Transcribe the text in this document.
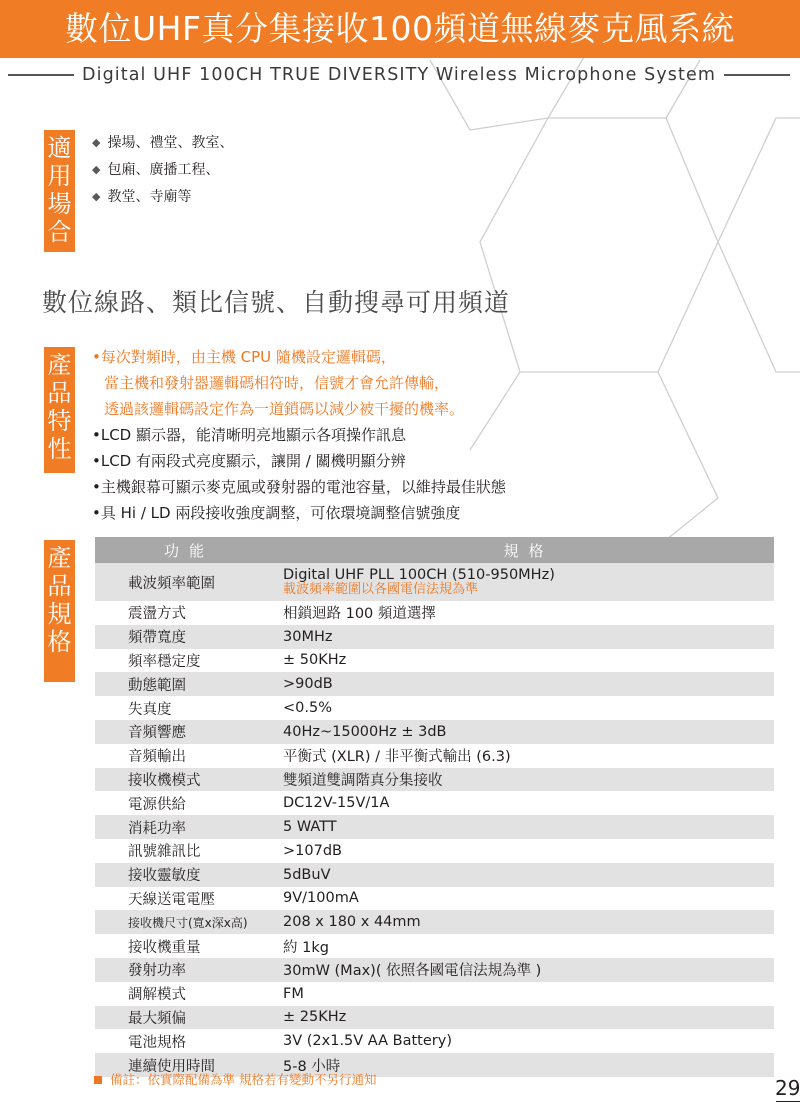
數位UHF真分集接收100頻道無線麥克風系統
Digital UHF 100CH TRUE DIVERSITY Wireless Microphone System
適
用
場
合
◆ 操場、禮堂、教室、
◆ 包廂、廣播工程、
◆ 教堂、寺廟等
數位線路、類比信號、自動搜尋可用頻道
產
品
特
性
•每次對頻時，由主機 CPU 隨機設定邏輯碼，
當主機和發射器邏輯碼相符時，信號才會允許傳輸，
透過該邏輯碼設定作為一道鎖碼以減少被干擾的機率。
•LCD 顯示器，能清晰明亮地顯示各項操作訊息
•LCD 有兩段式亮度顯示，讓開 / 關機明顯分辨
•主機銀幕可顯示麥克風或發射器的電池容量，以維持最佳狀態
•具 Hi / LD 兩段接收強度調整，可依環境調整信號強度
產
品
規
格
功能	規格
載波頻率範圍	Digital UHF PLL 100CH (510-950MHz)
載波頻率範圍以各國電信法規為準

震盪方式	相鎖迴路 100 頻道選擇
頻帶寬度	30MHz
頻率穩定度	± 50KHz
動態範圍	>90dB
失真度	<0.5%
音頻響應	40Hz~15000Hz ± 3dB
音頻輸出	平衡式 (XLR) / 非平衡式輸出 (6.3)
接收機模式	雙頻道雙調階真分集接收
電源供給	DC12V-15V/1A
消耗功率	5 WATT
訊號雜訊比	>107dB
接收靈敏度	5dBuV
天線送電電壓	9V/100mA
接收機尺寸(寬x深x高)	208 x 180 x 44mm
接收機重量	約 1kg
發射功率	30mW (Max)( 依照各國電信法規為準 )
調解模式	FM
最大頻偏	± 25KHz
電池規格	3V (2x1.5V AA Battery)
連續使用時間	5-8 小時
備註：依實際配備為準 規格若有變動不另行通知	29
